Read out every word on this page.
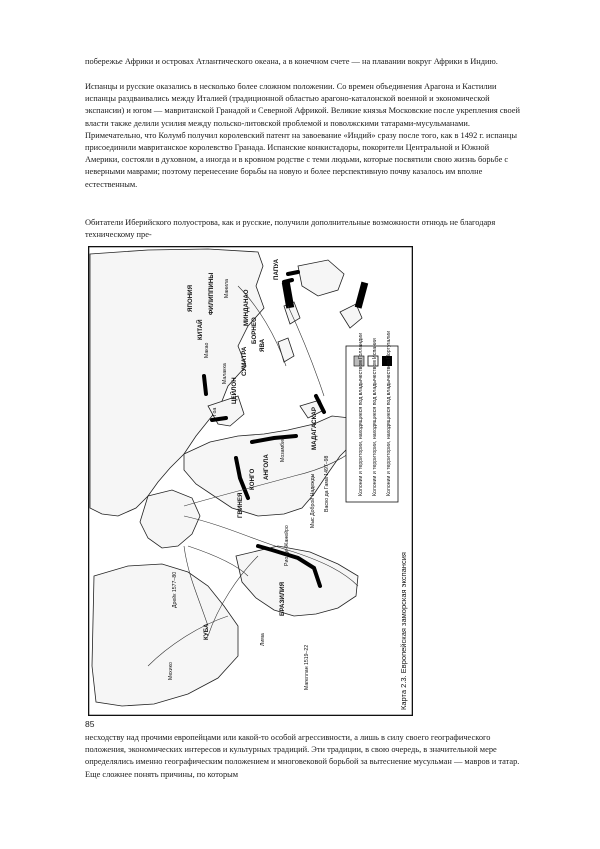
побережье Африки и островах Атлантического океана, а в конечном счете — на плавании вокруг Африки в Индию.

Испанцы и русские оказались в несколько более сложном положении. Со времен объединения Арагона и Кастилии испанцы раздваивались между Италией (традиционной областью арагоно-каталонской военной и экономической экспансии) и югом — мавританской Гранадой и Северной Африкой. Великие князья Московские после укрепления своей власти также делили усилия между польско-литовской проблемой и поволжскими татарами-мусульманами. Примечательно, что Колумб получил королевский патент на завоевание «Индий» сразу после того, как в 1492 г. испанцы присоединили мавританское королевство Гранада. Испанские конкистадоры, покорители Центральной и Южной Америки, состояли в духовном, а иногда и в кровном родстве с теми людьми, которые посвятили свою жизнь борьбе с неверными маврами; поэтому перенесение борьбы на новую и более перспективную почву казалось им вполне естественным.

Обитатели Иберийского полуострова, как и русские, получили дополнительные возможности отнюдь не благодаря техническому пре-

ЯПОНИЯ
КИТАЙ
ФИЛИППИНЫ	МИНДАНАО
ПАПУА
БОРНЕО
СУМАТРА
ЯВА
ЦЕЙЛОН
МАДАГАСКАР
АНГОЛА
КОНГО
ГВИНЕЯ
БРАЗИЛИЯ
КУБА
Магеллан 1519–22
Дрейк 1577–80
Мыс Доброй Надежды
Мозамбик
Малакка
Гоа
Манила
Макао
Лима
Мехико
Рио-де-Жанейро
Васко да Гама 1497–98	Колонии и территории, находящиеся под владычеством Португалии
Колонии и территории, находящиеся под владычеством Испании
Колонии и территории, находящиеся под владычеством Голландии
Карта 2.3. Европейская заморская экспансия
85

несходству над прочими европейцами или какой-то особой агрессивности, а лишь в силу своего географического положения, экономических интересов и культурных традиций. Эти традиции, в свою очередь, в значительной мере определялись именно географическим положением и многовековой борьбой за вытеснение мусульман — мавров и татар. Еще сложнее понять причины, по которым
